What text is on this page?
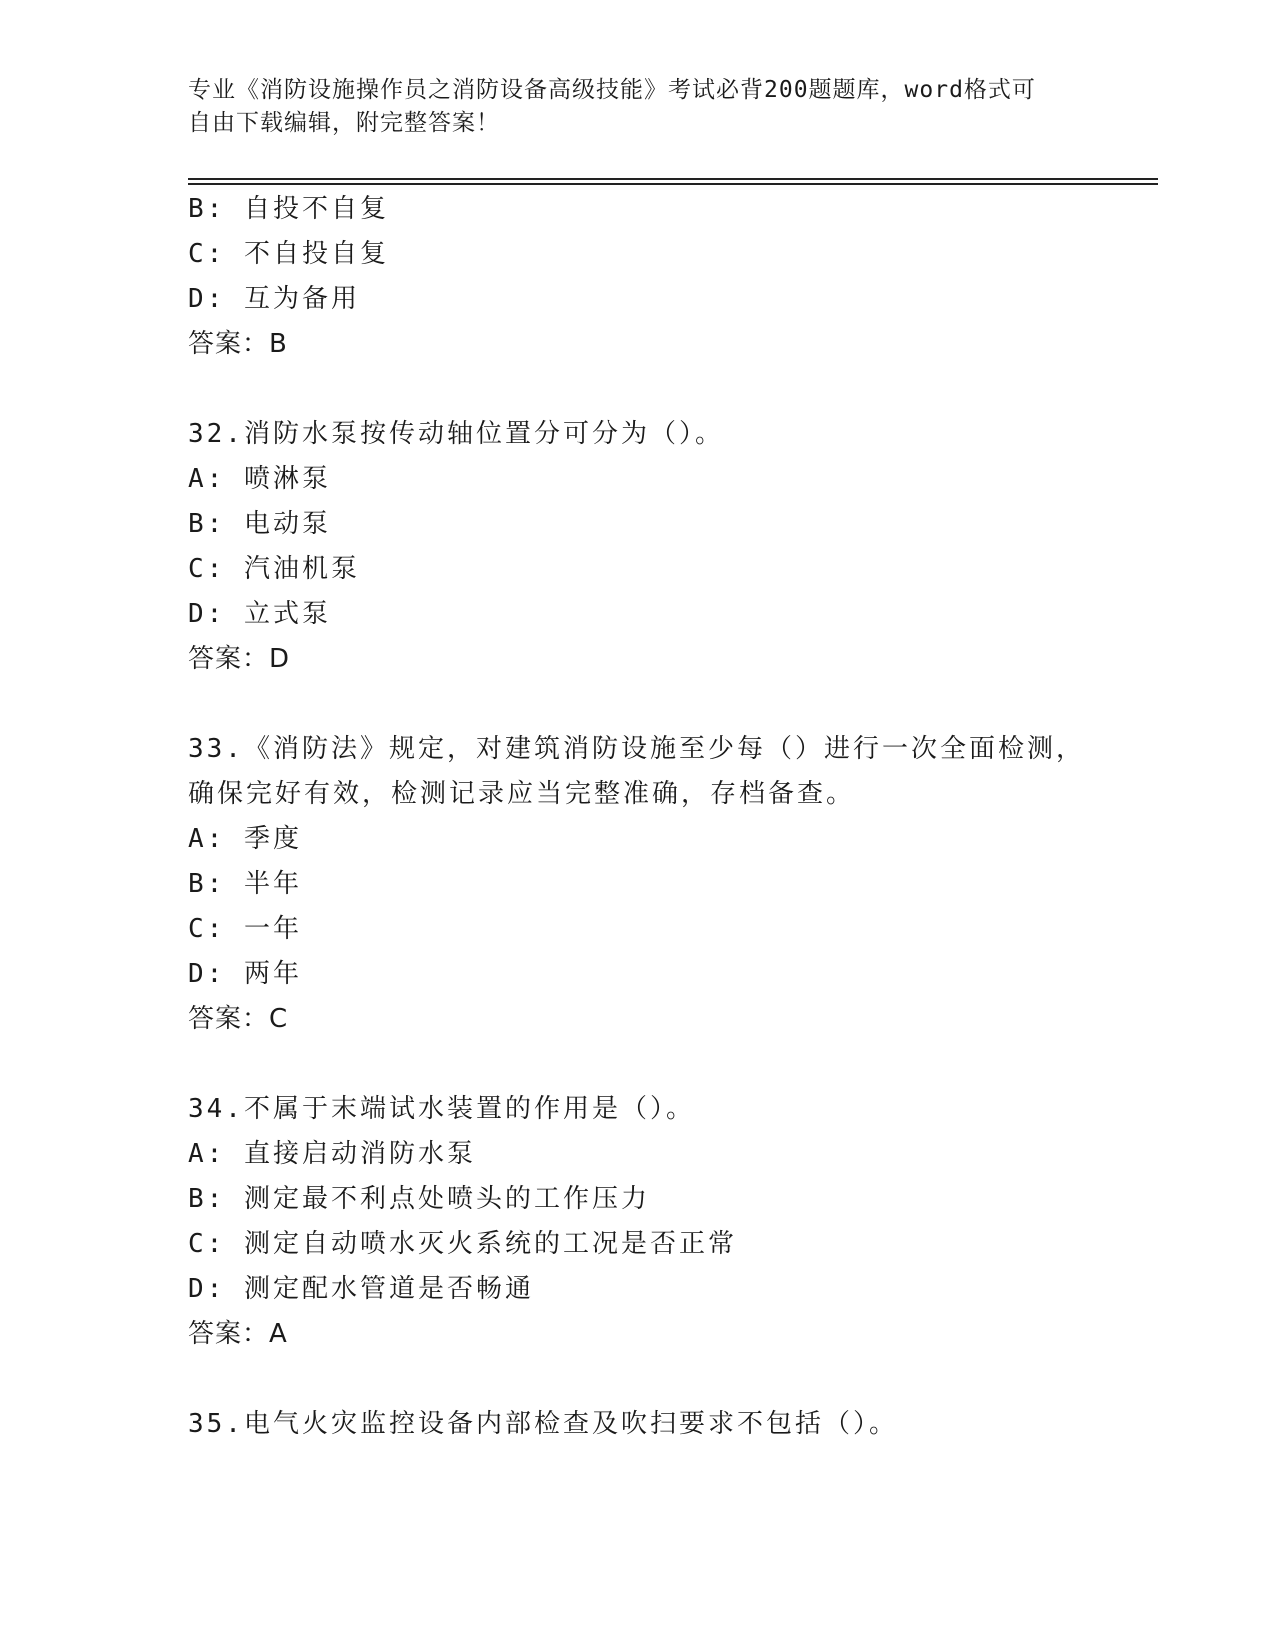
专业《消防设施操作员之消防设备高级技能》考试必背200题题库，word格式可
自由下载编辑，附完整答案！
B: 自投不自复
C: 不自投自复
D: 互为备用
答案：B
32.消防水泵按传动轴位置分可分为（）。
A: 喷淋泵
B: 电动泵
C: 汽油机泵
D: 立式泵
答案：D
33.《消防法》规定，对建筑消防设施至少每（）进行一次全面检测，
确保完好有效，检测记录应当完整准确，存档备查。
A: 季度
B: 半年
C: 一年
D: 两年
答案：C
34.不属于末端试水装置的作用是（）。
A: 直接启动消防水泵
B: 测定最不利点处喷头的工作压力
C: 测定自动喷水灭火系统的工况是否正常
D: 测定配水管道是否畅通
答案：A
35.电气火灾监控设备内部检查及吹扫要求不包括（）。
